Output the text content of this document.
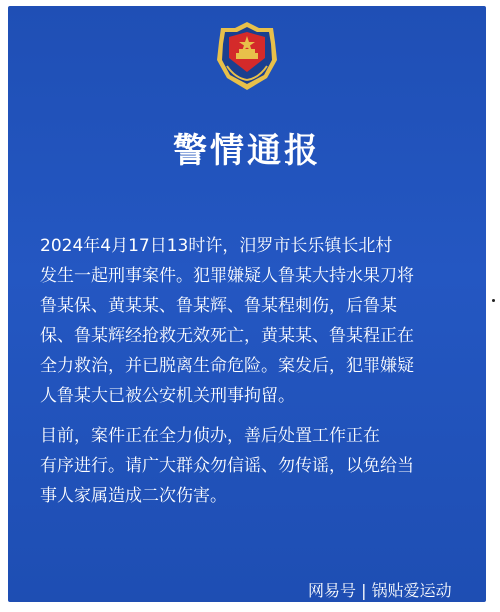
警情通报

2024年4月17日13时许，汨罗市长乐镇长北村
发生一起刑事案件。犯罪嫌疑人鲁某大持水果刀将
鲁某保、黄某某、鲁某辉、鲁某程刺伤，后鲁某
保、鲁某辉经抢救无效死亡，黄某某、鲁某程正在
全力救治，并已脱离生命危险。案发后，犯罪嫌疑
人鲁某大已被公安机关刑事拘留。

目前，案件正在全力侦办，善后处置工作正在
有序进行。请广大群众勿信谣、勿传谣，以免给当
事人家属造成二次伤害。

网易号 | 锅贴爱运动
